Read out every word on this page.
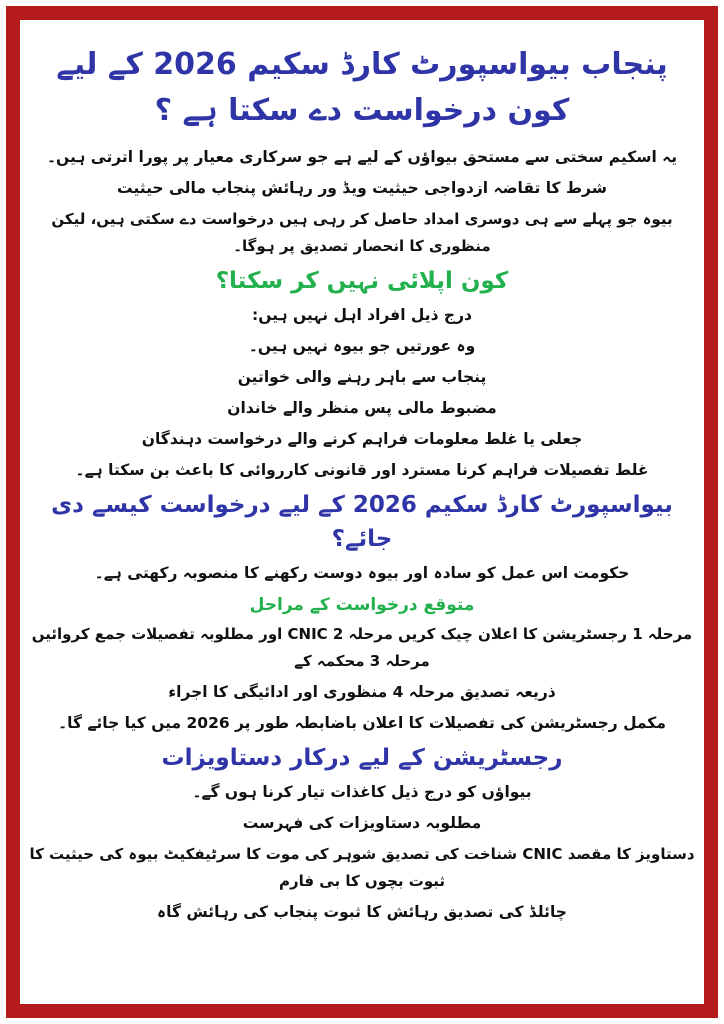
پنجاب بیواسپورٹ کارڈ سکیم 2026 کے لیے کون درخواست دے سکتا ہے ؟
یہ اسکیم سختی سے مستحق بیواؤں کے لیے ہے جو سرکاری معیار پر پورا اترتی ہیں۔
شرط کا تقاضہ ازدواجی حیثیت ویڈ ور رہائش پنجاب مالی حیثیت
بیوہ جو پہلے سے ہی دوسری امداد حاصل کر رہی ہیں درخواست دے سکتی ہیں، لیکن منظوری کا انحصار تصدیق پر ہوگا۔
کون اپلائی نہیں کر سکتا؟
درج ذیل افراد اہل نہیں ہیں:
وہ عورتیں جو بیوہ نہیں ہیں۔
پنجاب سے باہر رہنے والی خواتین
مضبوط مالی پس منظر والے خاندان
جعلی یا غلط معلومات فراہم کرنے والے درخواست دہندگان
غلط تفصیلات فراہم کرنا مسترد اور قانونی کارروائی کا باعث بن سکتا ہے۔
بیواسپورٹ کارڈ سکیم 2026 کے لیے درخواست کیسے دی جائے؟
حکومت اس عمل کو سادہ اور بیوہ دوست رکھنے کا منصوبہ رکھتی ہے۔
متوقع درخواست کے مراحل
مرحلہ 1 رجسٹریشن کا اعلان چیک کریں مرحلہ CNIC 2 اور مطلوبہ تفصیلات جمع کروائیں مرحلہ 3 محکمہ کے
ذریعہ تصدیق مرحلہ 4 منظوری اور ادائیگی کا اجراء
مکمل رجسٹریشن کی تفصیلات کا اعلان باضابطہ طور پر 2026 میں کیا جائے گا۔
رجسٹریشن کے لیے درکار دستاویزات
بیواؤں کو درج ذیل کاغذات تیار کرنا ہوں گے۔
مطلوبہ دستاویزات کی فہرست
دستاویز کا مقصد CNIC شناخت کی تصدیق شوہر کی موت کا سرٹیفکیٹ بیوہ کی حیثیت کا ثبوت بچوں کا بی فارم
چائلڈ کی تصدیق رہائش کا ثبوت پنجاب کی رہائش گاہ
